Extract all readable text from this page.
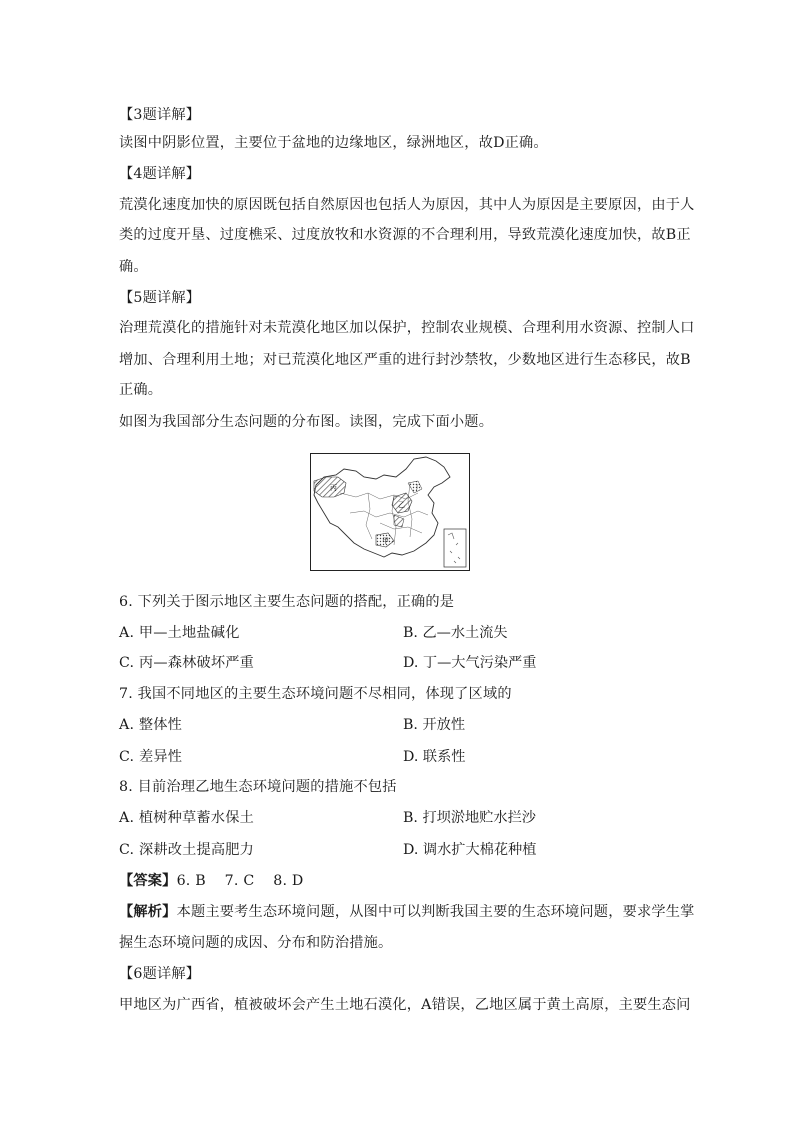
【3题详解】
读图中阴影位置，主要位于盆地的边缘地区，绿洲地区，故D正确。
【4题详解】
荒漠化速度加快的原因既包括自然原因也包括人为原因，其中人为原因是主要原因，由于人
类的过度开垦、过度樵采、过度放牧和水资源的不合理利用，导致荒漠化速度加快，故B正
确。
【5题详解】
治理荒漠化的措施针对未荒漠化地区加以保护，控制农业规模、合理利用水资源、控制人口
增加、合理利用土地；对已荒漠化地区严重的进行封沙禁牧，少数地区进行生态移民，故B
正确。
如图为我国部分生态问题的分布图。读图，完成下面小题。
丙
乙
丁
甲
6. 下列关于图示地区主要生态问题的搭配，正确的是
A. 甲—土地盐碱化	B. 乙—水土流失
C. 丙—森林破坏严重	D. 丁—大气污染严重
7. 我国不同地区的主要生态环境问题不尽相同，体现了区域的
A. 整体性	B. 开放性
C. 差异性	D. 联系性
8. 目前治理乙地生态环境问题的措施不包括
A. 植树种草蓄水保土	B. 打坝淤地贮水拦沙
C. 深耕改土提高肥力	D. 调水扩大棉花种植
【答案】6. B    7. C    8. D
【解析】本题主要考生态环境问题，从图中可以判断我国主要的生态环境问题，要求学生掌
握生态环境问题的成因、分布和防治措施。
【6题详解】
甲地区为广西省，植被破坏会产生土地石漠化，A错误，乙地区属于黄土高原，主要生态问
